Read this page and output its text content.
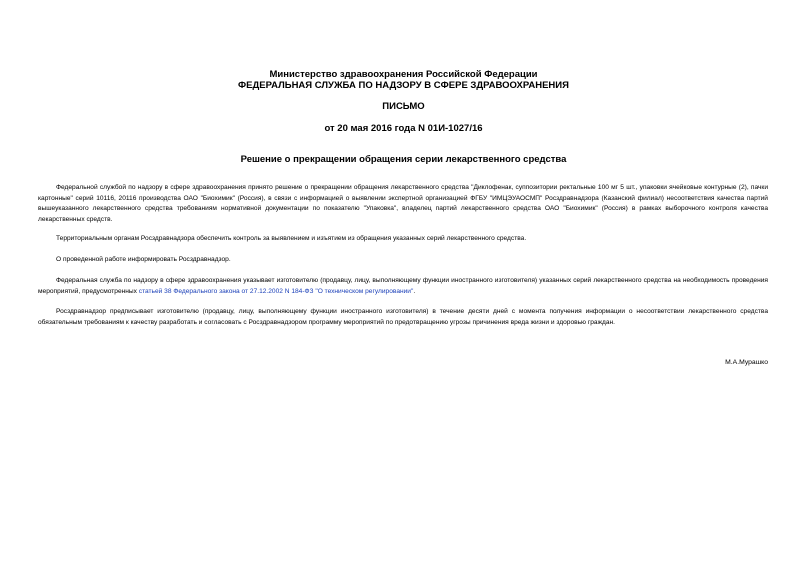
Министерство здравоохранения Российской Федерации
ФЕДЕРАЛЬНАЯ СЛУЖБА ПО НАДЗОРУ В СФЕРЕ ЗДРАВООХРАНЕНИЯ
ПИСЬМО
от 20 мая 2016 года N 01И-1027/16
Решение о прекращении обращения серии лекарственного средства

Федеральной службой по надзору в сфере здравоохранения принято решение о прекращении обращения лекарственного средства "Диклофенак, суппозитории ректальные 100 мг 5 шт., упаковки ячейковые контурные (2), пачки картонные" серий 10116, 20116 производства ОАО "Биохимик" (Россия), в связи с информацией о выявлении экспертной организацией ФГБУ "ИМЦЭУАОСМП" Росздравнадзора (Казанский филиал) несоответствия качества партий вышеуказанного лекарственного средства требованиям нормативной документации по показателю "Упаковка", владелец партий лекарственного средства ОАО "Биохимик" (Россия) в рамках выборочного контроля качества лекарственных средств.

Территориальным органам Росздравнадзора обеспечить контроль за выявлением и изъятием из обращения указанных серий лекарственного средства.

О проведенной работе информировать Росздравнадзор.

Федеральная служба по надзору в сфере здравоохранения указывает изготовителю (продавцу, лицу, выполняющему функции иностранного изготовителя) указанных серий лекарственного средства на необходимость проведения мероприятий, предусмотренных статьей 38 Федерального закона от 27.12.2002 N 184-ФЗ "О техническом регулировании".

Росздравнадзор предписывает изготовителю (продавцу, лицу, выполняющему функции иностранного изготовителя) в течение десяти дней с момента получения информации о несоответствии лекарственного средства обязательным требованиям к качеству разработать и согласовать с Росздравнадзором программу мероприятий по предотвращению угрозы причинения вреда жизни и здоровью граждан.

М.А.Мурашко
